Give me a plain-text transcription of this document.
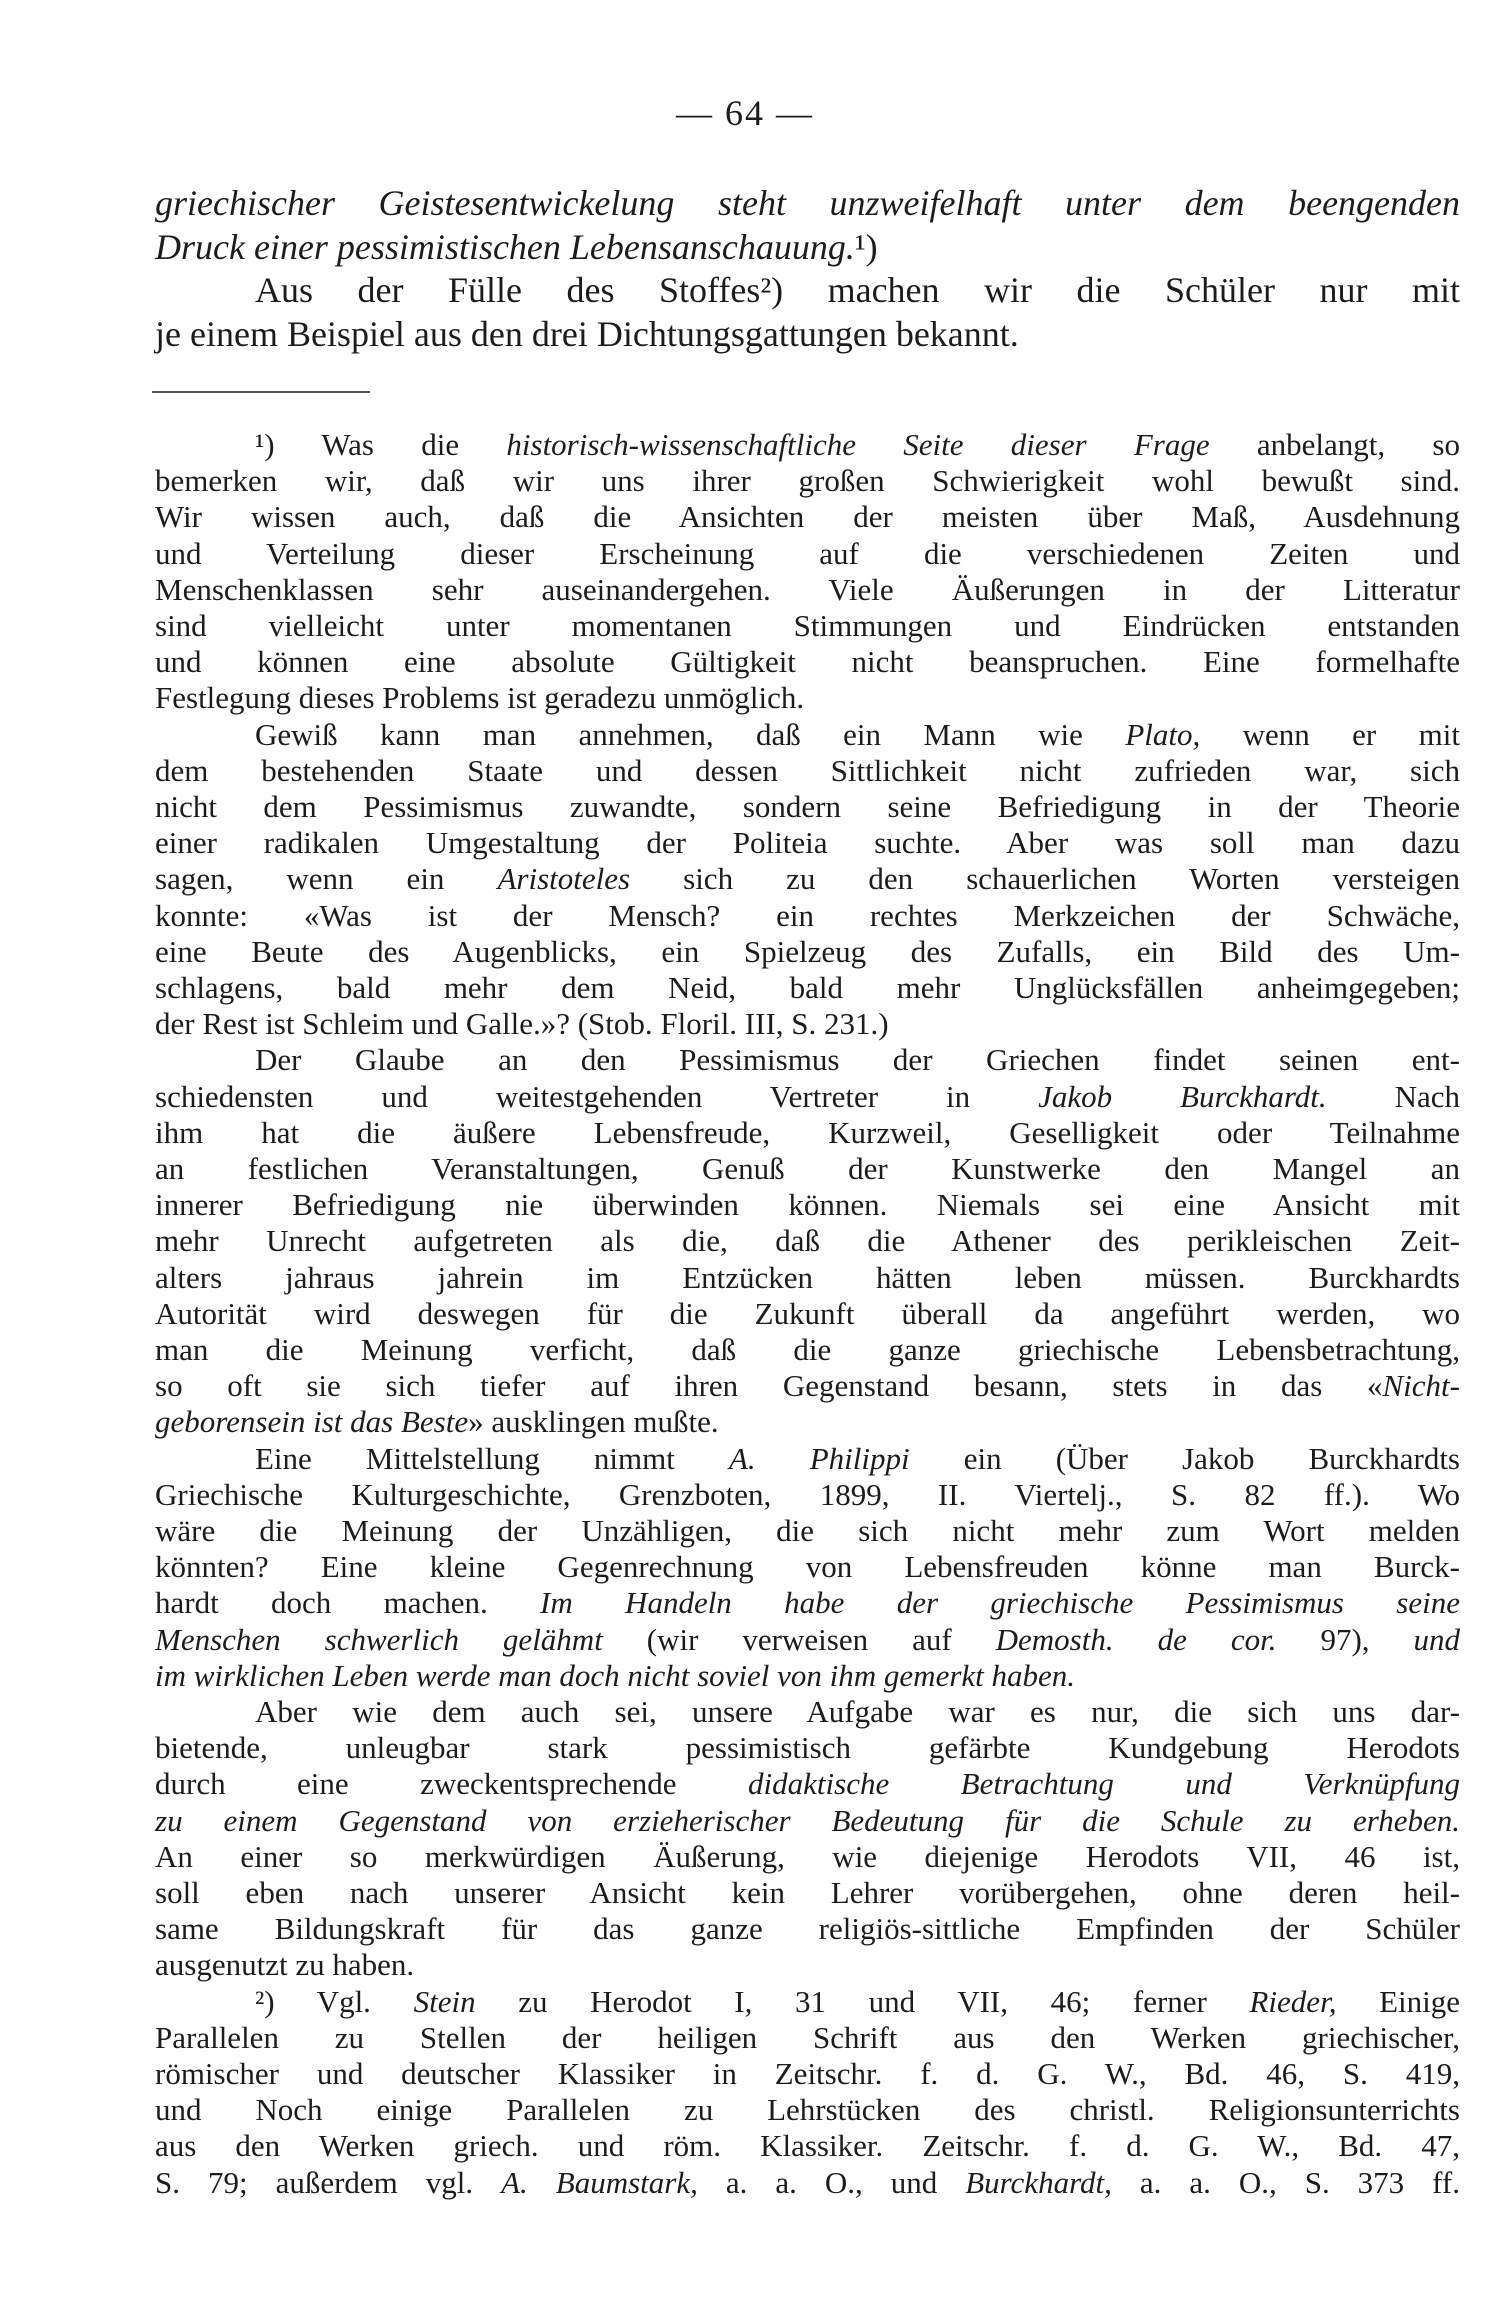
— 64 —
griechischer Geistesentwickelung steht unzweifelhaft unter dem beengenden
Druck einer pessimistischen Lebensanschauung.¹)
Aus der Fülle des Stoffes²) machen wir die Schüler nur mit
je einem Beispiel aus den drei Dichtungsgattungen bekannt.
¹) Was die historisch-wissenschaftliche Seite dieser Frage anbelangt, so
bemerken wir, daß wir uns ihrer großen Schwierigkeit wohl bewußt sind.
Wir wissen auch, daß die Ansichten der meisten über Maß, Ausdehnung
und Verteilung dieser Erscheinung auf die verschiedenen Zeiten und
Menschenklassen sehr auseinandergehen. Viele Äußerungen in der Litteratur
sind vielleicht unter momentanen Stimmungen und Eindrücken entstanden
und können eine absolute Gültigkeit nicht beanspruchen. Eine formelhafte
Festlegung dieses Problems ist geradezu unmöglich.
Gewiß kann man annehmen, daß ein Mann wie Plato, wenn er mit
dem bestehenden Staate und dessen Sittlichkeit nicht zufrieden war, sich
nicht dem Pessimismus zuwandte, sondern seine Befriedigung in der Theorie
einer radikalen Umgestaltung der Politeia suchte. Aber was soll man dazu
sagen, wenn ein Aristoteles sich zu den schauerlichen Worten versteigen
konnte: «Was ist der Mensch? ein rechtes Merkzeichen der Schwäche,
eine Beute des Augenblicks, ein Spielzeug des Zufalls, ein Bild des Um-
schlagens, bald mehr dem Neid, bald mehr Unglücksfällen anheimgegeben;
der Rest ist Schleim und Galle.»? (Stob. Floril. III, S. 231.)
Der Glaube an den Pessimismus der Griechen findet seinen ent-
schiedensten und weitestgehenden Vertreter in Jakob Burckhardt. Nach
ihm hat die äußere Lebensfreude, Kurzweil, Geselligkeit oder Teilnahme
an festlichen Veranstaltungen, Genuß der Kunstwerke den Mangel an
innerer Befriedigung nie überwinden können. Niemals sei eine Ansicht mit
mehr Unrecht aufgetreten als die, daß die Athener des perikleischen Zeit-
alters jahraus jahrein im Entzücken hätten leben müssen. Burckhardts
Autorität wird deswegen für die Zukunft überall da angeführt werden, wo
man die Meinung verficht, daß die ganze griechische Lebensbetrachtung,
so oft sie sich tiefer auf ihren Gegenstand besann, stets in das «Nicht-
geborensein ist das Beste» ausklingen mußte.
Eine Mittelstellung nimmt A. Philippi ein (Über Jakob Burckhardts
Griechische Kulturgeschichte, Grenzboten, 1899, II. Viertelj., S. 82 ff.). Wo
wäre die Meinung der Unzähligen, die sich nicht mehr zum Wort melden
könnten? Eine kleine Gegenrechnung von Lebensfreuden könne man Burck-
hardt doch machen. Im Handeln habe der griechische Pessimismus seine
Menschen schwerlich gelähmt (wir verweisen auf Demosth. de cor. 97), und
im wirklichen Leben werde man doch nicht soviel von ihm gemerkt haben.
Aber wie dem auch sei, unsere Aufgabe war es nur, die sich uns dar-
bietende, unleugbar stark pessimistisch gefärbte Kundgebung Herodots
durch eine zweckentsprechende didaktische Betrachtung und Verknüpfung
zu einem Gegenstand von erzieherischer Bedeutung für die Schule zu erheben.
An einer so merkwürdigen Äußerung, wie diejenige Herodots VII, 46 ist,
soll eben nach unserer Ansicht kein Lehrer vorübergehen, ohne deren heil-
same Bildungskraft für das ganze religiös-sittliche Empfinden der Schüler
ausgenutzt zu haben.
²) Vgl. Stein zu Herodot I, 31 und VII, 46; ferner Rieder, Einige
Parallelen zu Stellen der heiligen Schrift aus den Werken griechischer,
römischer und deutscher Klassiker in Zeitschr. f. d. G. W., Bd. 46, S. 419,
und Noch einige Parallelen zu Lehrstücken des christl. Religionsunterrichts
aus den Werken griech. und röm. Klassiker. Zeitschr. f. d. G. W., Bd. 47,
S. 79; außerdem vgl. A. Baumstark, a. a. O., und Burckhardt, a. a. O., S. 373 ff.
